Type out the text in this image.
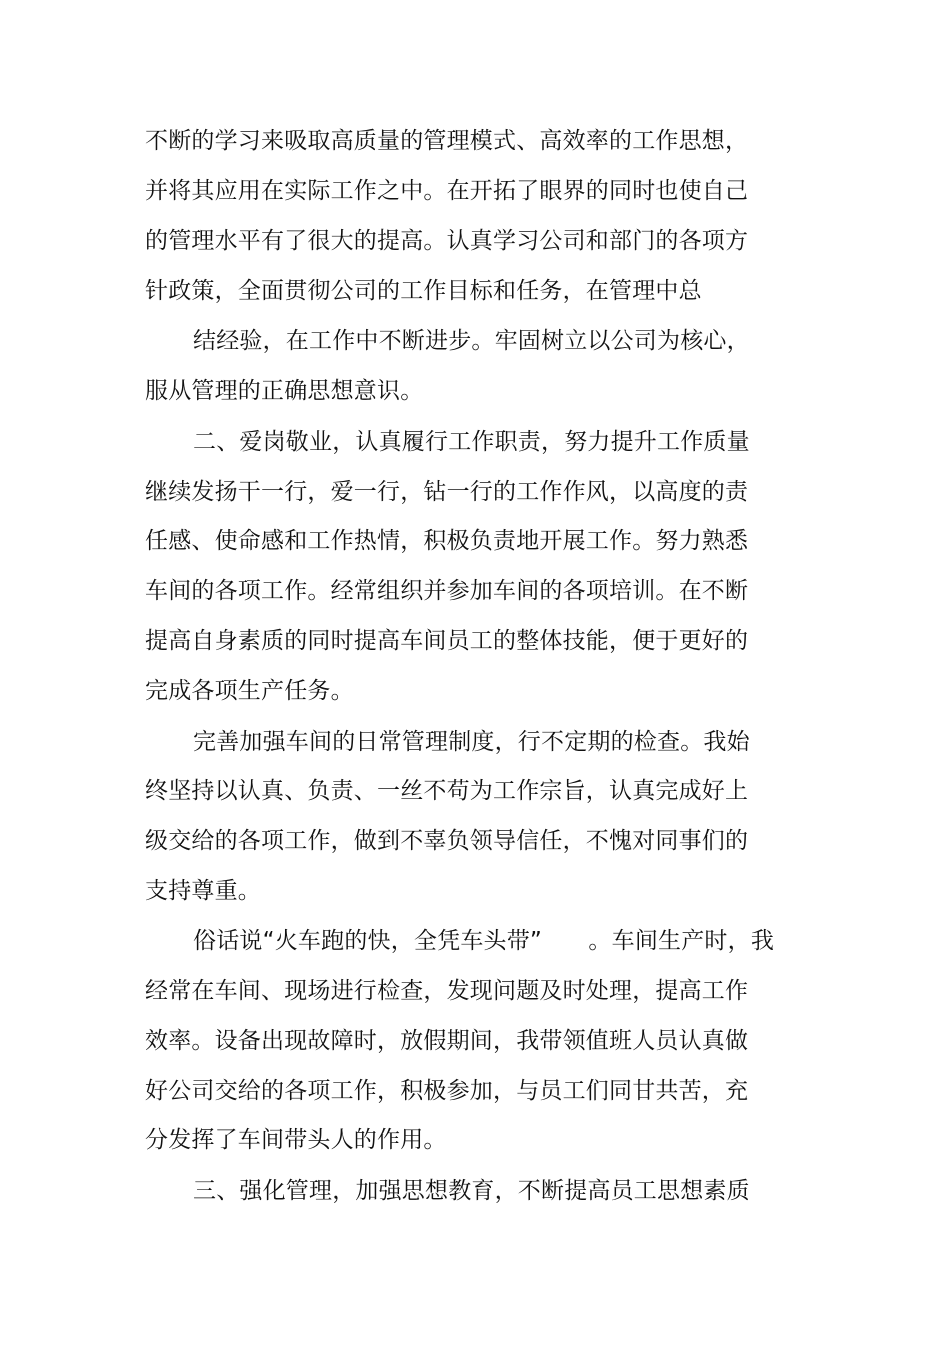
不断的学习来吸取高质量的管理模式、高效率的工作思想，
并将其应用在实际工作之中。在开拓了眼界的同时也使自己
的管理水平有了很大的提高。认真学习公司和部门的各项方
针政策，全面贯彻公司的工作目标和任务，在管理中总
结经验，在工作中不断进步。牢固树立以公司为核心，
服从管理的正确思想意识。
二、爱岗敬业，认真履行工作职责，努力提升工作质量
继续发扬干一行，爱一行，钻一行的工作作风，以高度的责
任感、使命感和工作热情，积极负责地开展工作。努力熟悉
车间的各项工作。经常组织并参加车间的各项培训。在不断
提高自身素质的同时提高车间员工的整体技能，便于更好的
完成各项生产任务。
完善加强车间的日常管理制度，行不定期的检查。我始
终坚持以认真、负责、一丝不苟为工作宗旨，认真完成好上
级交给的各项工作，做到不辜负领导信任，不愧对同事们的
支持尊重。
俗话说“火车跑的快，全凭车头带”　　。车间生产时，我
经常在车间、现场进行检查，发现问题及时处理，提高工作
效率。设备出现故障时，放假期间，我带领值班人员认真做
好公司交给的各项工作，积极参加，与员工们同甘共苦，充
分发挥了车间带头人的作用。
三、强化管理，加强思想教育，不断提高员工思想素质
